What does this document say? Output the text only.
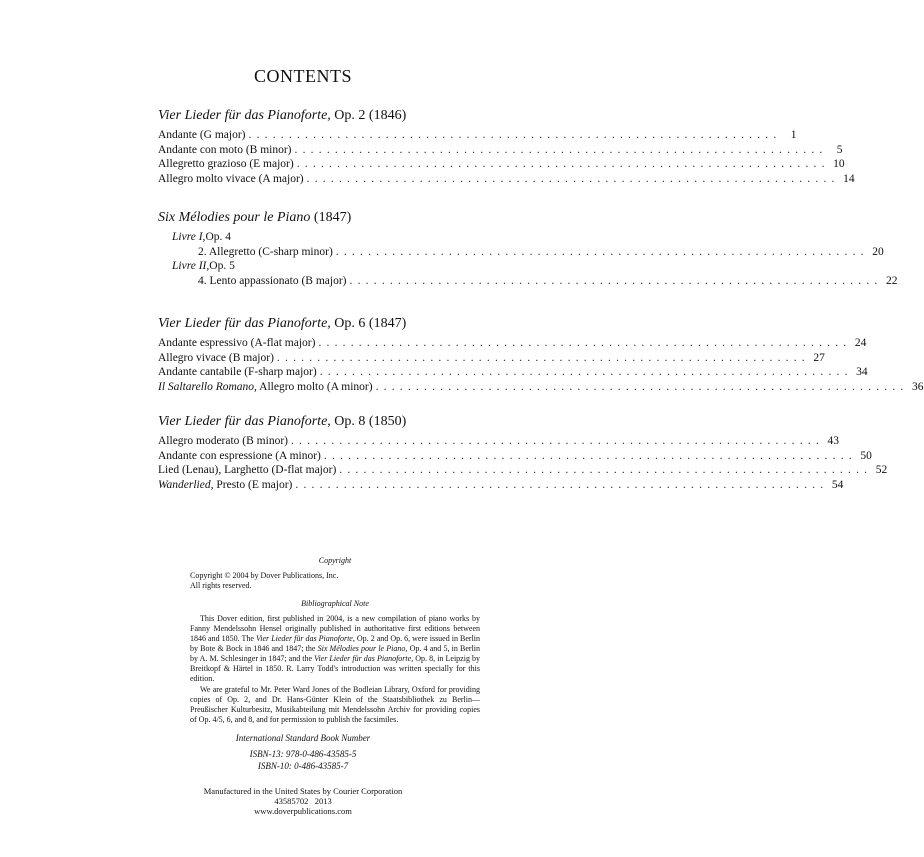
CONTENTS
Vier Lieder für das Pianoforte, Op. 2 (1846)
Andante (G major) .................................................................. 1
Andante con moto (B minor) .................................................................. 5
Allegretto grazioso (E major) .................................................................. 10
Allegro molto vivace (A major) .................................................................. 14
Six Mélodies pour le Piano (1847)
Livre I, Op. 4
2. Allegretto (C-sharp minor) .................................................................. 20
Livre II, Op. 5
4. Lento appassionato (B major) .................................................................. 22
Vier Lieder für das Pianoforte, Op. 6 (1847)
Andante espressivo (A-flat major) .................................................................. 24
Allegro vivace (B major) .................................................................. 27
Andante cantabile (F-sharp major) .................................................................. 34
Il Saltarello Romano, Allegro molto (A minor) .................................................................. 36
Vier Lieder für das Pianoforte, Op. 8 (1850)
Allegro moderato (B minor) .................................................................. 43
Andante con espressione (A minor) .................................................................. 50
Lied (Lenau), Larghetto (D-flat major) .................................................................. 52
Wanderlied, Presto (E major) .................................................................. 54
Copyright
Copyright © 2004 by Dover Publications, Inc.
All rights reserved.
Bibliographical Note
This Dover edition, first published in 2004, is a new compilation of piano works by Fanny Mendelssohn Hensel originally published in authoritative first editions between 1846 and 1850. The Vier Lieder für das Pianoforte, Op. 2 and Op. 6, were issued in Berlin by Bote & Bock in 1846 and 1847; the Six Mélodies pour le Piano, Op. 4 and 5, in Berlin by A. M. Schlesinger in 1847; and the Vier Lieder für das Pianoforte, Op. 8, in Leipzig by Breitkopf & Härtel in 1850. R. Larry Todd's introduction was written specially for this edition.
We are grateful to Mr. Peter Ward Jones of the Bodleian Library, Oxford for providing copies of Op. 2, and Dr. Hans-Günter Klein of the Staatsbibliothek zu Berlin—Preußischer Kulturbesitz, Musikabteilung mit Mendelssohn Archiv for providing copies of Op. 4/5, 6, and 8, and for permission to publish the facsimiles.
International Standard Book Number
ISBN-13: 978-0-486-43585-5
ISBN-10: 0-486-43585-7
Manufactured in the United States by Courier Corporation
43585702   2013
www.doverpublications.com
